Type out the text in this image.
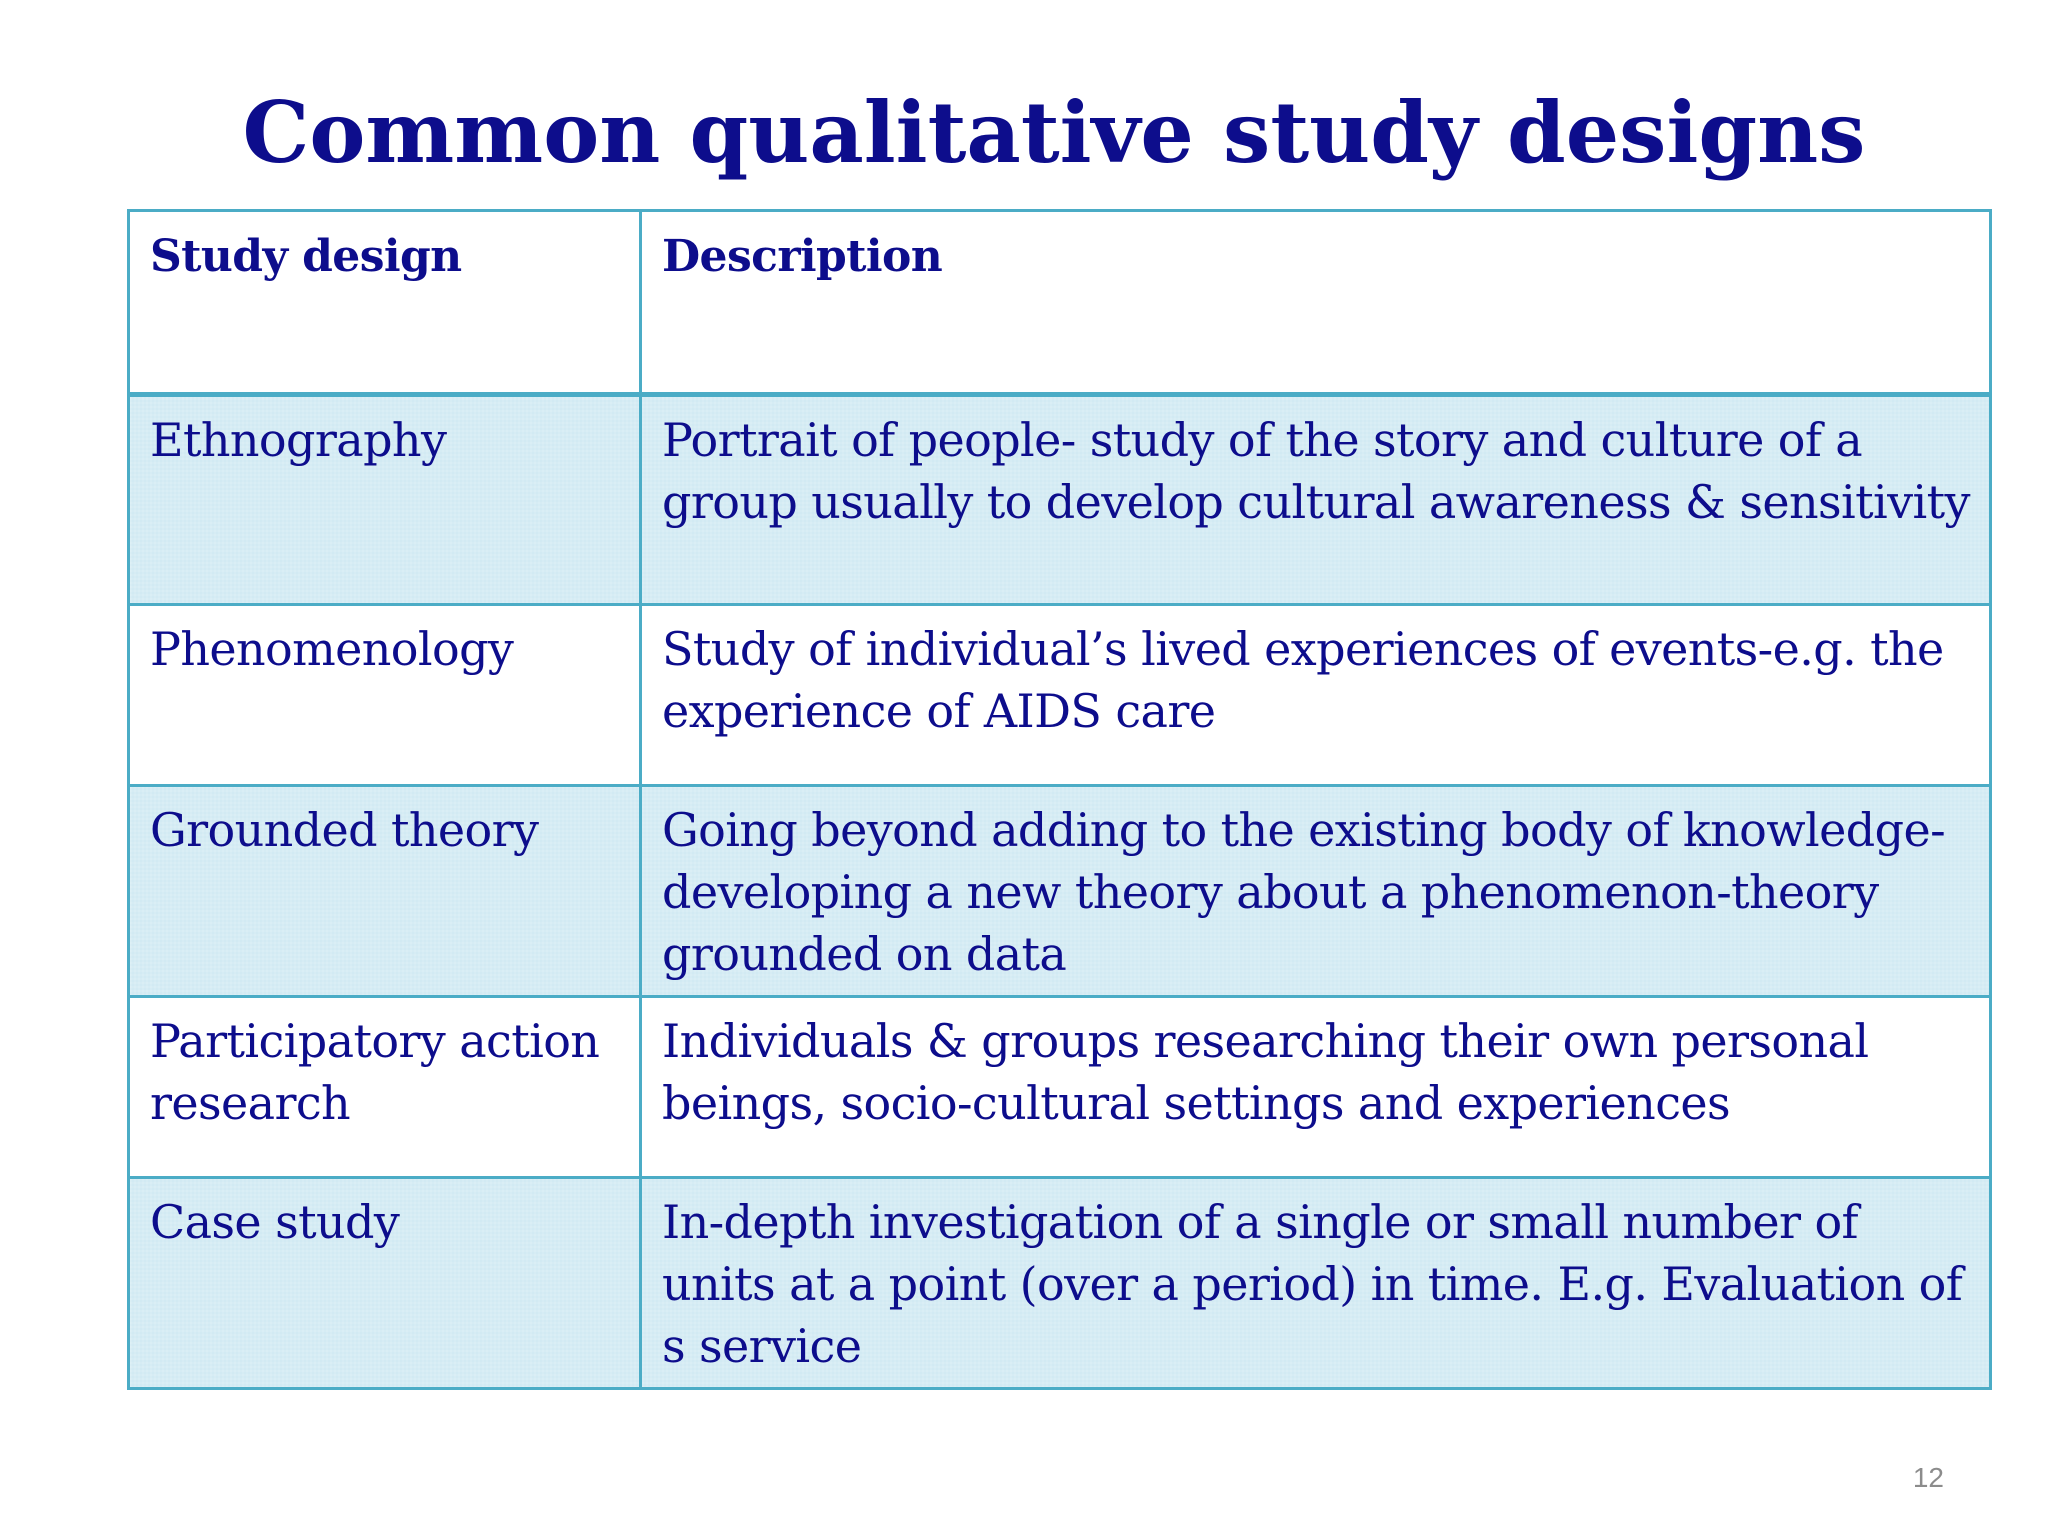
Common qualitative study designs
Study design	Description
Ethnography	Portrait of people- study of the story and culture of a group usually to develop cultural awareness & sensitivity
Phenomenology	Study of individual’s lived experiences of events-e.g. the experience of AIDS care
Grounded theory	Going beyond adding to the existing body of knowledge-developing a new theory about a phenomenon-theory grounded on data
Participatory action research	Individuals & groups researching their own personal beings, socio-cultural settings and experiences
Case study	In-depth investigation of a single or small number of units at a point (over a period) in time. E.g. Evaluation of s service
12
